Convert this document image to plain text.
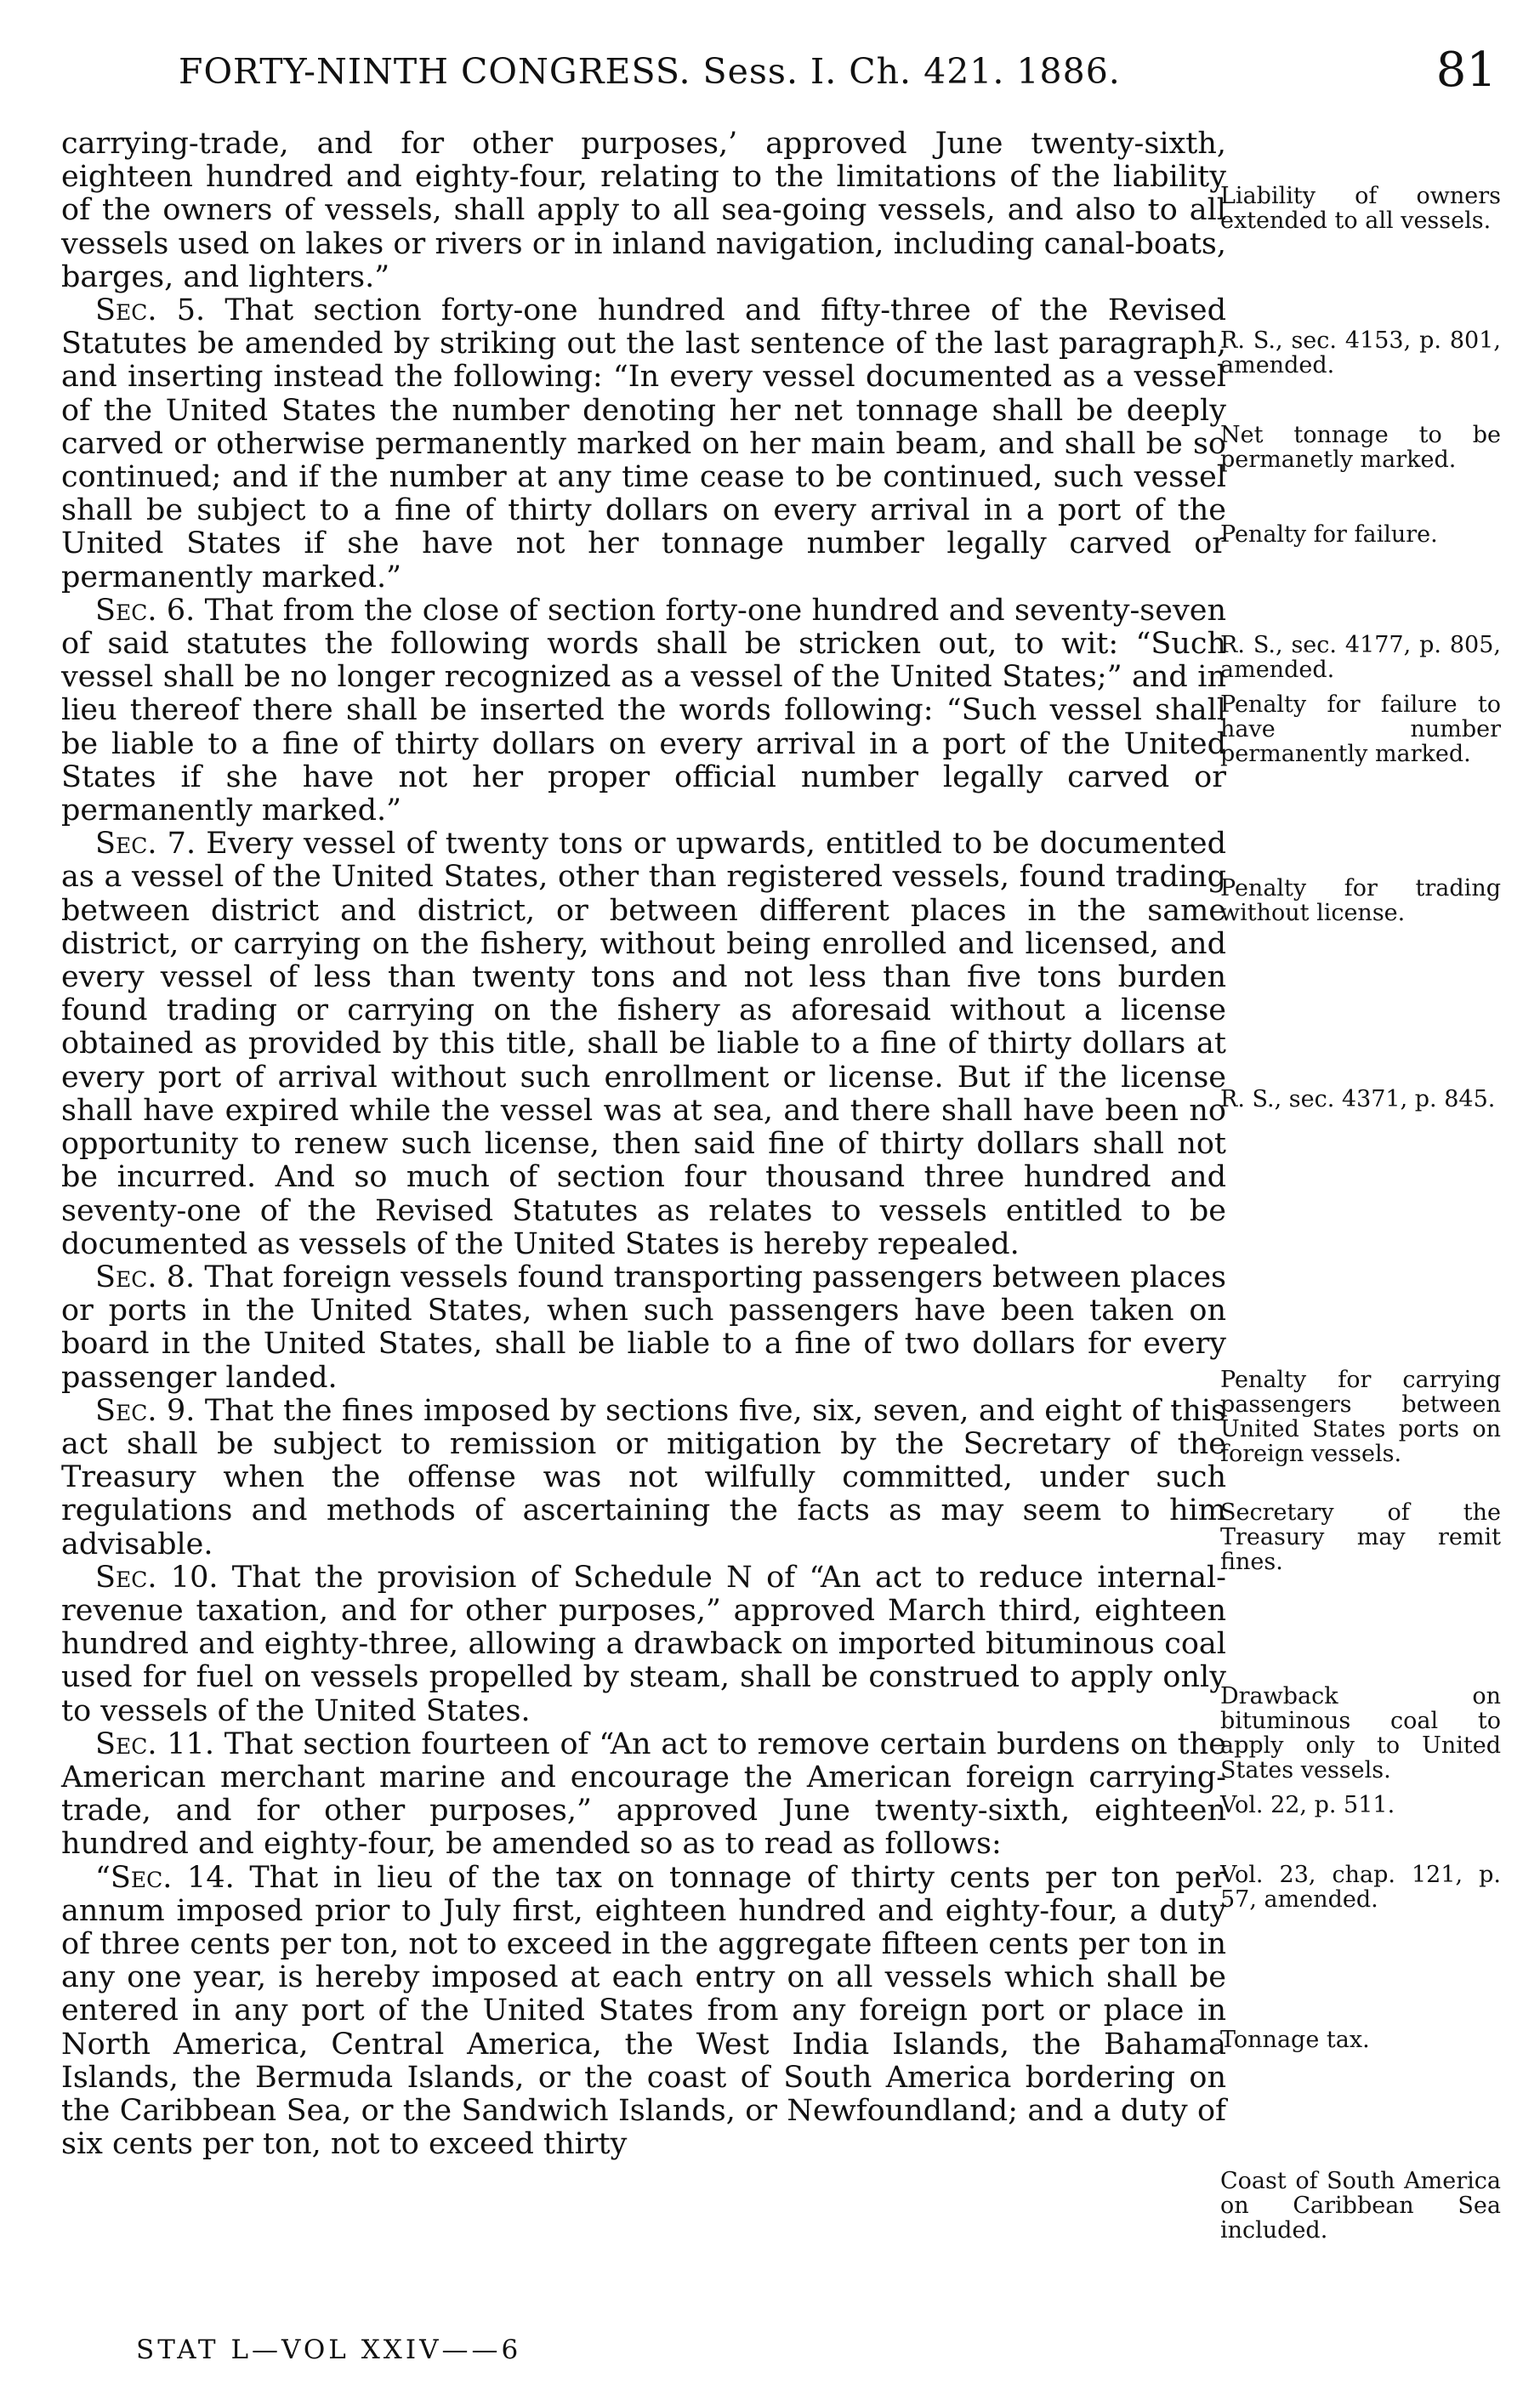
FORTY-NINTH CONGRESS. Sess. I. Ch. 421. 1886.	81

carrying-trade, and for other purposes,’ approved June twenty-sixth, eighteen hundred and eighty-four, relating to the limitations of the liability of the owners of vessels, shall apply to all sea-going vessels, and also to all vessels used on lakes or rivers or in inland navigation, including canal-boats, barges, and lighters.”

Sec. 5. That section forty-one hundred and fifty-three of the Revised Statutes be amended by striking out the last sentence of the last paragraph, and inserting instead the following: “In every vessel documented as a vessel of the United States the number denoting her net tonnage shall be deeply carved or otherwise permanently marked on her main beam, and shall be so continued; and if the number at any time cease to be continued, such vessel shall be subject to a fine of thirty dollars on every arrival in a port of the United States if she have not her tonnage number legally carved or permanently marked.”

Sec. 6. That from the close of section forty-one hundred and seventy-seven of said statutes the following words shall be stricken out, to wit: “Such vessel shall be no longer recognized as a vessel of the United States;” and in lieu thereof there shall be inserted the words following: “Such vessel shall be liable to a fine of thirty dollars on every arrival in a port of the United States if she have not her proper official number legally carved or permanently marked.”

Sec. 7. Every vessel of twenty tons or upwards, entitled to be documented as a vessel of the United States, other than registered vessels, found trading between district and district, or between different places in the same district, or carrying on the fishery, without being enrolled and licensed, and every vessel of less than twenty tons and not less than five tons burden found trading or carrying on the fishery as aforesaid without a license obtained as provided by this title, shall be liable to a fine of thirty dollars at every port of arrival without such enrollment or license. But if the license shall have expired while the vessel was at sea, and there shall have been no opportunity to renew such license, then said fine of thirty dollars shall not be incurred. And so much of section four thousand three hundred and seventy-one of the Revised Statutes as relates to vessels entitled to be documented as vessels of the United States is hereby repealed.

Sec. 8. That foreign vessels found transporting passengers between places or ports in the United States, when such passengers have been taken on board in the United States, shall be liable to a fine of two dollars for every passenger landed.

Sec. 9. That the fines imposed by sections five, six, seven, and eight of this act shall be subject to remission or mitigation by the Secretary of the Treasury when the offense was not wilfully committed, under such regulations and methods of ascertaining the facts as may seem to him advisable.

Sec. 10. That the provision of Schedule N of “An act to reduce internal-revenue taxation, and for other purposes,” approved March third, eighteen hundred and eighty-three, allowing a drawback on imported bituminous coal used for fuel on vessels propelled by steam, shall be construed to apply only to vessels of the United States.

Sec. 11. That section fourteen of “An act to remove certain burdens on the American merchant marine and encourage the American foreign carrying-trade, and for other purposes,” approved June twenty-sixth, eighteen hundred and eighty-four, be amended so as to read as follows:

“Sec. 14. That in lieu of the tax on tonnage of thirty cents per ton per annum imposed prior to July first, eighteen hundred and eighty-four, a duty of three cents per ton, not to exceed in the aggregate fifteen cents per ton in any one year, is hereby imposed at each entry on all vessels which shall be entered in any port of the United States from any foreign port or place in North America, Central America, the West India Islands, the Bahama Islands, the Bermuda Islands, or the coast of South America bordering on the Caribbean Sea, or the Sandwich Islands, or Newfoundland; and a duty of six cents per ton, not to exceed thirty

Liability of owners extended to all vessels.
R. S., sec. 4153, p. 801, amended.
Net tonnage to be permanetly marked.
Penalty for failure.
R. S., sec. 4177, p. 805, amended.
Penalty for failure to have number permanently marked.
Penalty for trading without license.
R. S., sec. 4371, p. 845.
Penalty for carrying passengers between United States ports on foreign vessels.
Secretary of the Treasury may remit fines.
Drawback on bituminous coal to apply only to United States vessels.
Vol. 22, p. 511.
Vol. 23, chap. 121, p. 57, amended.
Tonnage tax.
Coast of South America on Caribbean Sea included.
STAT L—VOL XXIV——6
